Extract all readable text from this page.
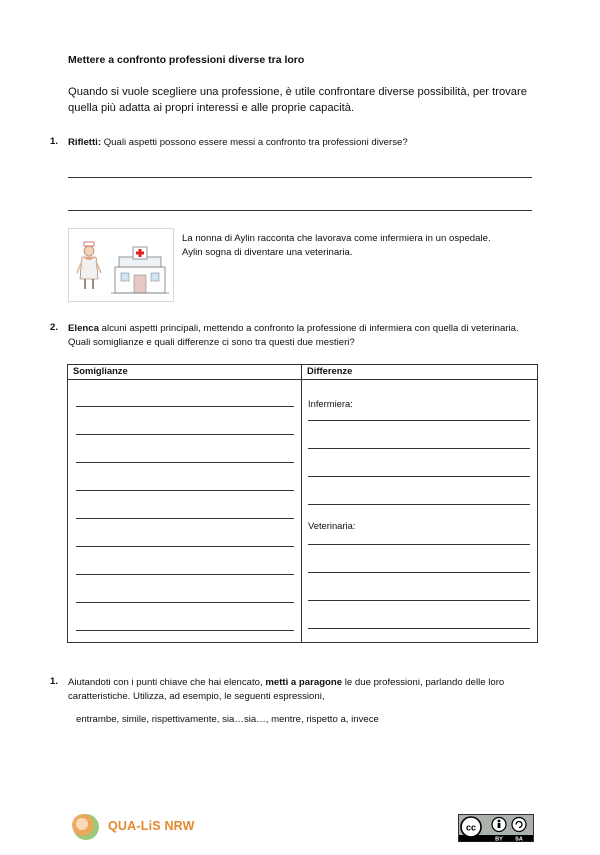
Mettere a confronto professioni diverse tra loro
Quando si vuole scegliere una professione, è utile confrontare diverse possibilità, per trovare quella più adatta ai propri interessi e alle proprie capacità.
1. Rifletti: Quali aspetti possono essere messi a confronto tra professioni diverse?
La nonna di Aylin racconta che lavorava come infermiera in un ospedale.
Aylin sogna di diventare una veterinaria.
2. Elenca alcuni aspetti principali, mettendo a confronto la professione di infermiera con quella di veterinaria. Quali somiglianze e quali differenze ci sono tra questi due mestieri?
Somiglianze	Differenze

	Infermiera:
Veterinaria:
1. Aiutandoti con i punti chiave che hai elencato, metti a paragone le due professioni, parlando delle loro caratteristiche. Utilizza, ad esempio, le seguenti espressioni,
entrambe, simile, rispettivamente, sia…sia…, mentre, rispetto a, invece
QUA-LiS NRW	cc
BY SA
